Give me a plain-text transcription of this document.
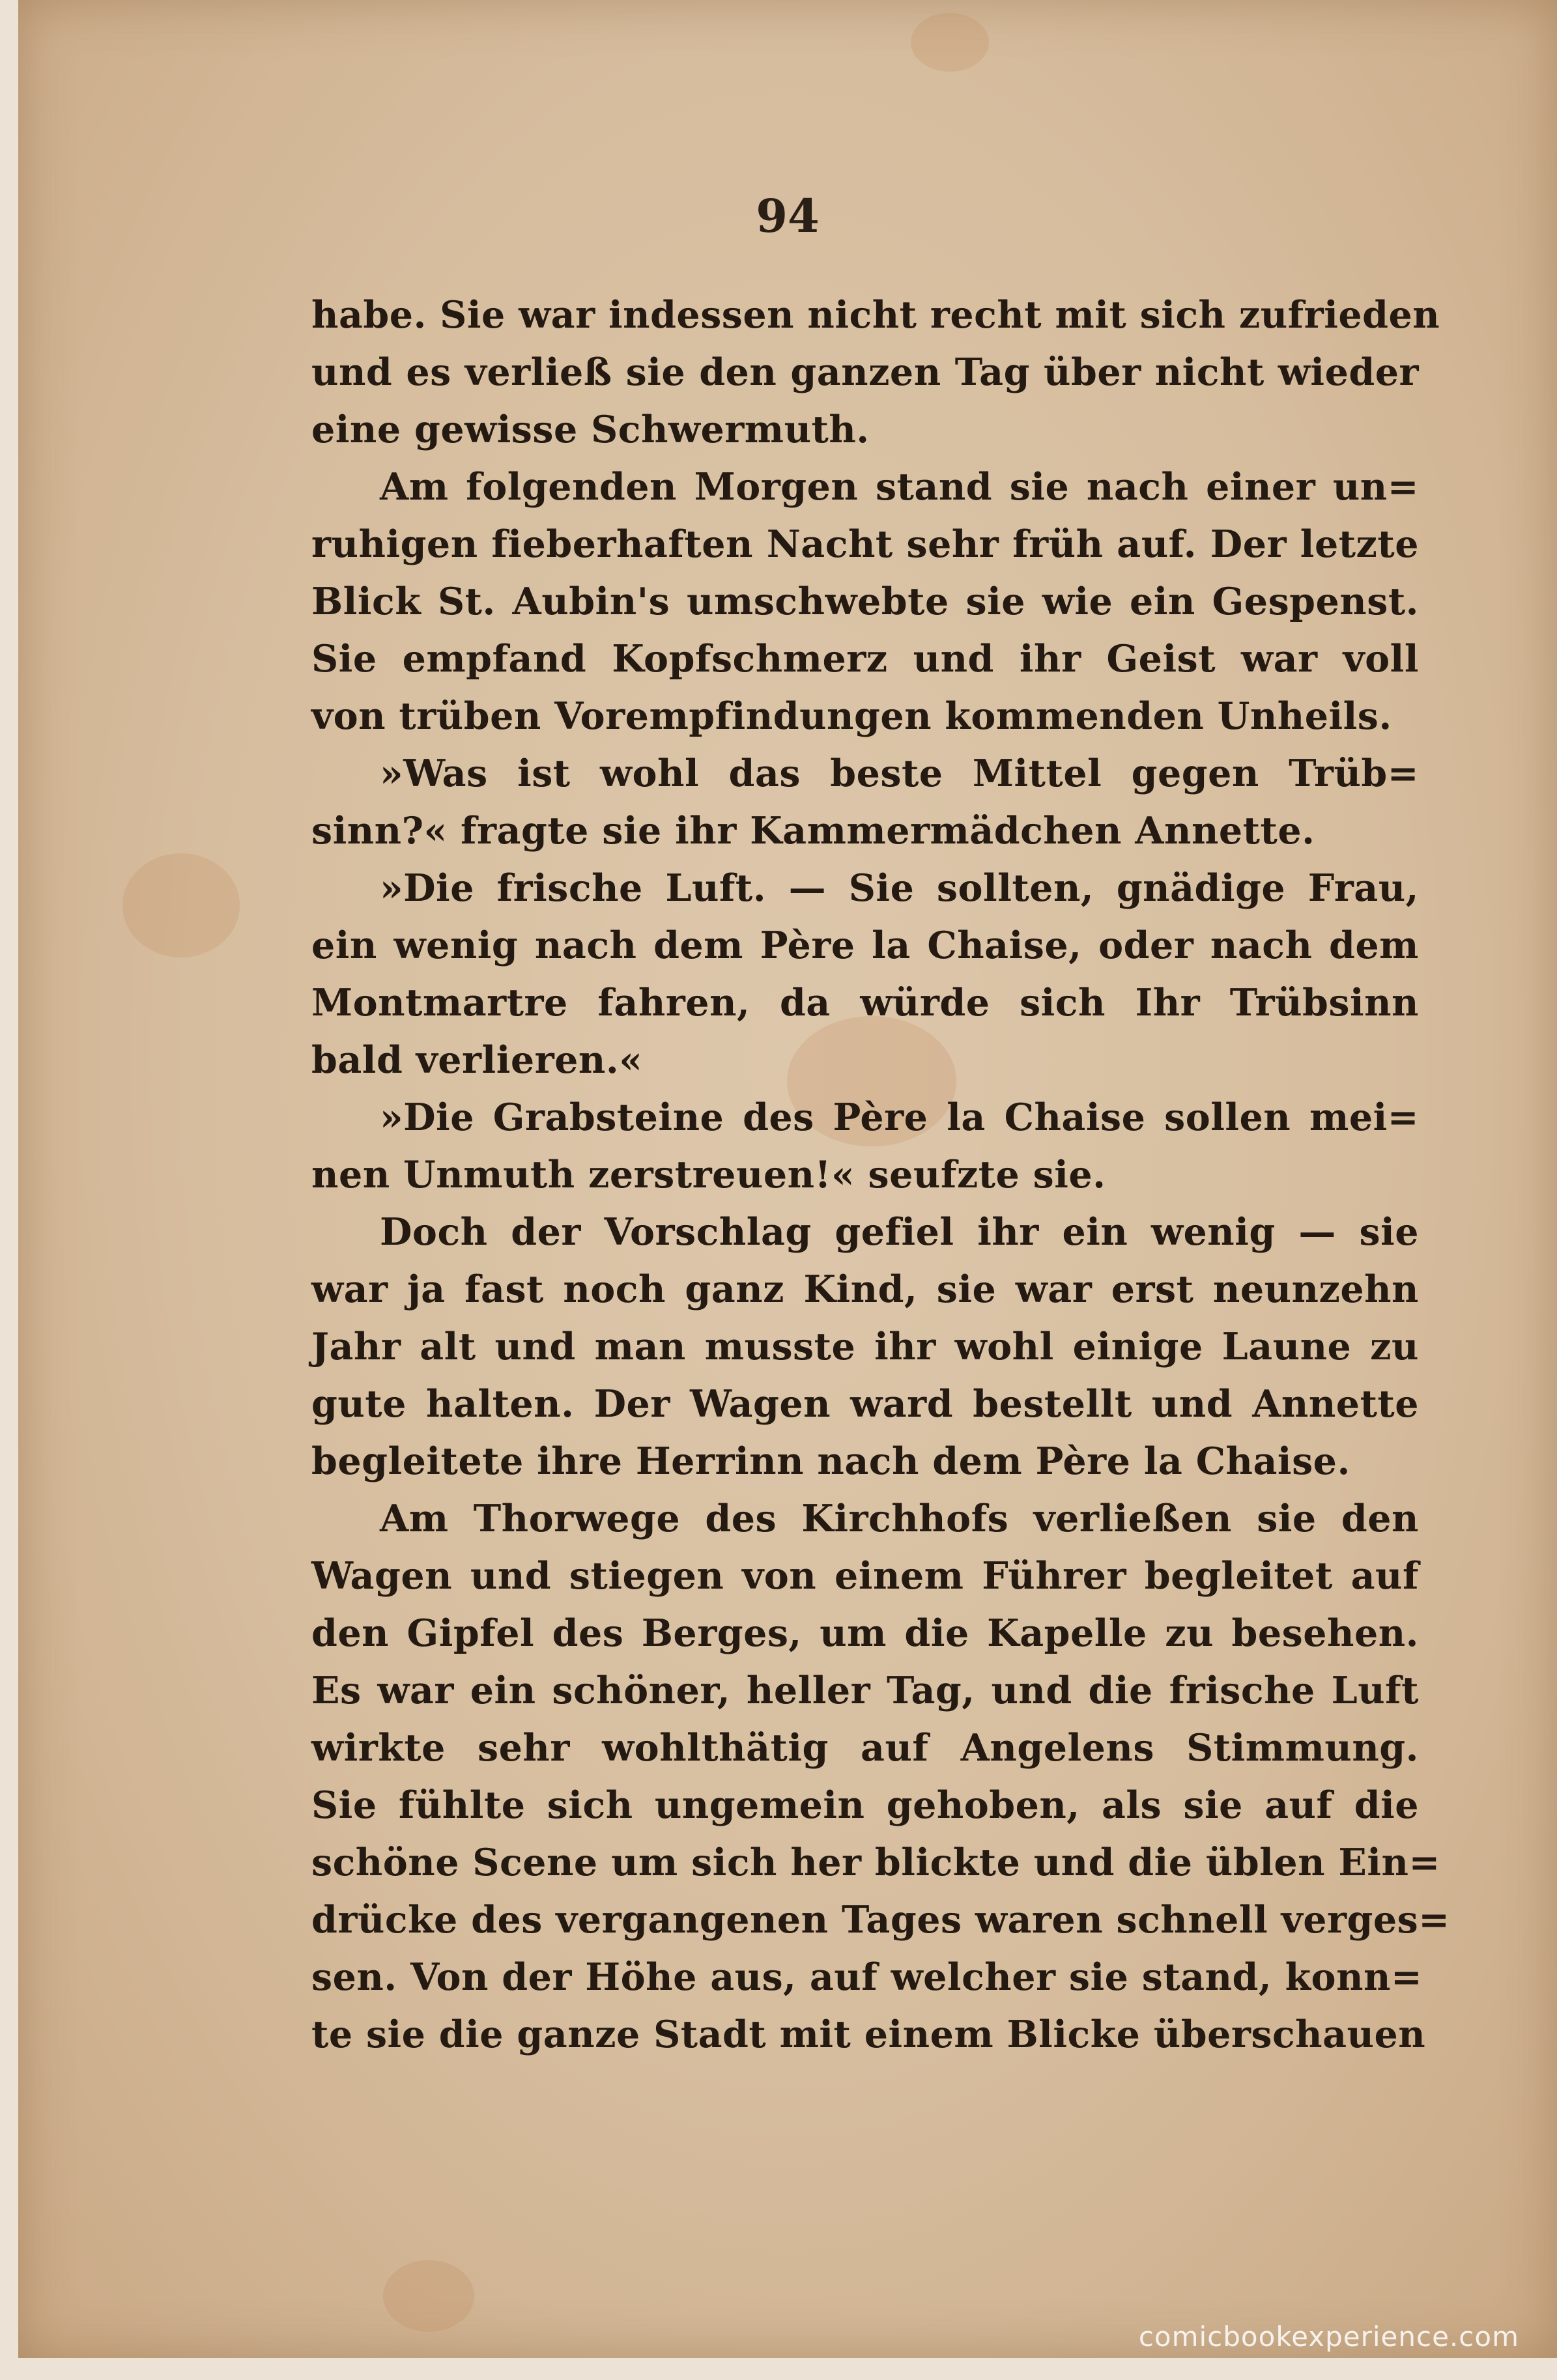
94
habe. Sie war indessen nicht recht mit sich zufrieden
und es verließ sie den ganzen Tag über nicht wieder
eine gewisse Schwermuth.
Am folgenden Morgen stand sie nach einer un=
ruhigen fieberhaften Nacht sehr früh auf. Der letzte
Blick St. Aubin's umschwebte sie wie ein Gespenst.
Sie empfand Kopfschmerz und ihr Geist war voll
von trüben Vorempfindungen kommenden Unheils.
»Was ist wohl das beste Mittel gegen Trüb=
sinn?« fragte sie ihr Kammermädchen Annette.
»Die frische Luft. — Sie sollten, gnädige Frau,
ein wenig nach dem Père la Chaise, oder nach dem
Montmartre fahren, da würde sich Ihr Trübsinn
bald verlieren.«
»Die Grabsteine des Père la Chaise sollen mei=
nen Unmuth zerstreuen!« seufzte sie.
Doch der Vorschlag gefiel ihr ein wenig — sie
war ja fast noch ganz Kind, sie war erst neunzehn
Jahr alt und man musste ihr wohl einige Laune zu
gute halten. Der Wagen ward bestellt und Annette
begleitete ihre Herrinn nach dem Père la Chaise.
Am Thorwege des Kirchhofs verließen sie den
Wagen und stiegen von einem Führer begleitet auf
den Gipfel des Berges, um die Kapelle zu besehen.
Es war ein schöner, heller Tag, und die frische Luft
wirkte sehr wohlthätig auf Angelens Stimmung.
Sie fühlte sich ungemein gehoben, als sie auf die
schöne Scene um sich her blickte und die üblen Ein=
drücke des vergangenen Tages waren schnell verges=
sen. Von der Höhe aus, auf welcher sie stand, konn=
te sie die ganze Stadt mit einem Blicke überschauen
comicbookexperience.com
